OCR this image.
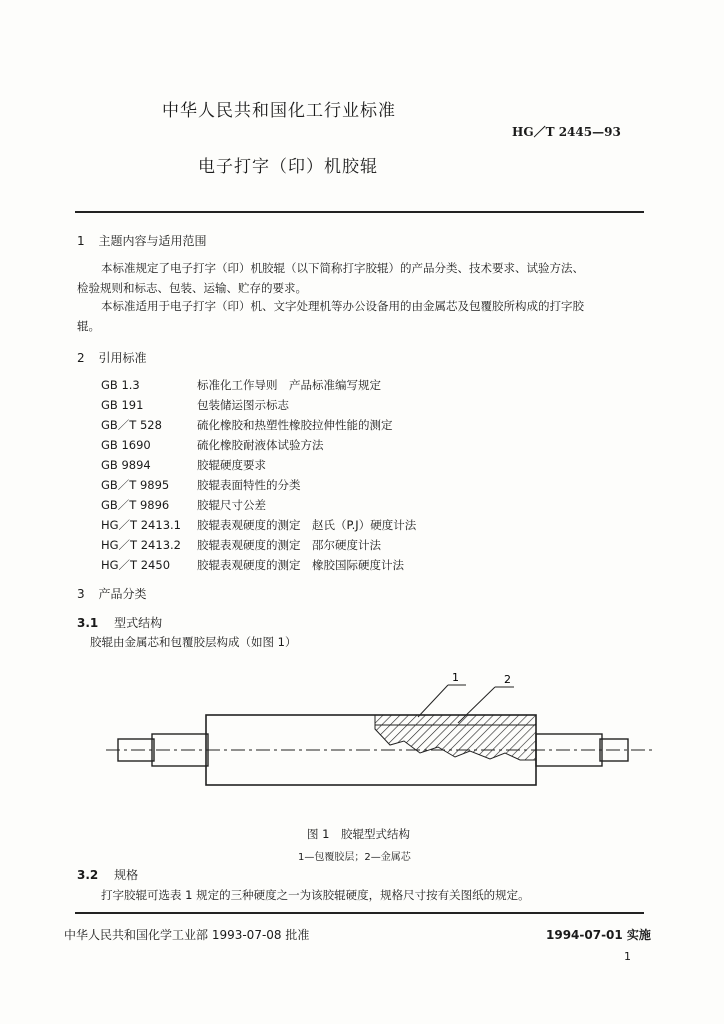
中华人民共和国化工行业标准
HG／T 2445—93
电子打字（印）机胶辊
1 主题内容与适用范围
本标准规定了电子打字（印）机胶辊（以下简称打字胶辊）的产品分类、技术要求、试验方法、
检验规则和标志、包装、运输、贮存的要求。
本标准适用于电子打字（印）机、文字处理机等办公设备用的由金属芯及包覆胶所构成的打字胶
辊。
2 引用标准
GB 1.3	标准化工作导则　产品标准编写规定
GB 191	包装储运图示标志
GB／T 528	硫化橡胶和热塑性橡胶拉伸性能的测定
GB 1690	硫化橡胶耐液体试验方法
GB 9894	胶辊硬度要求
GB／T 9895 胶辊表面特性的分类
GB／T 9896 胶辊尺寸公差
HG／T 2413.1 胶辊表观硬度的测定　赵氏（P.J）硬度计法
HG／T 2413.2 胶辊表观硬度的测定　邵尔硬度计法
HG／T 2450 胶辊表观硬度的测定　橡胶国际硬度计法
3 产品分类
3.1 型式结构
胶辊由金属芯和包覆胶层构成（如图 1）
1	2
图 1　胶辊型式结构
1—包覆胶层；2—金属芯
3.2 规格
打字胶辊可选表 1 规定的三种硬度之一为该胶辊硬度，规格尺寸按有关图纸的规定。
中华人民共和国化学工业部 1993-07-08 批准	1994-07-01 实施
1
